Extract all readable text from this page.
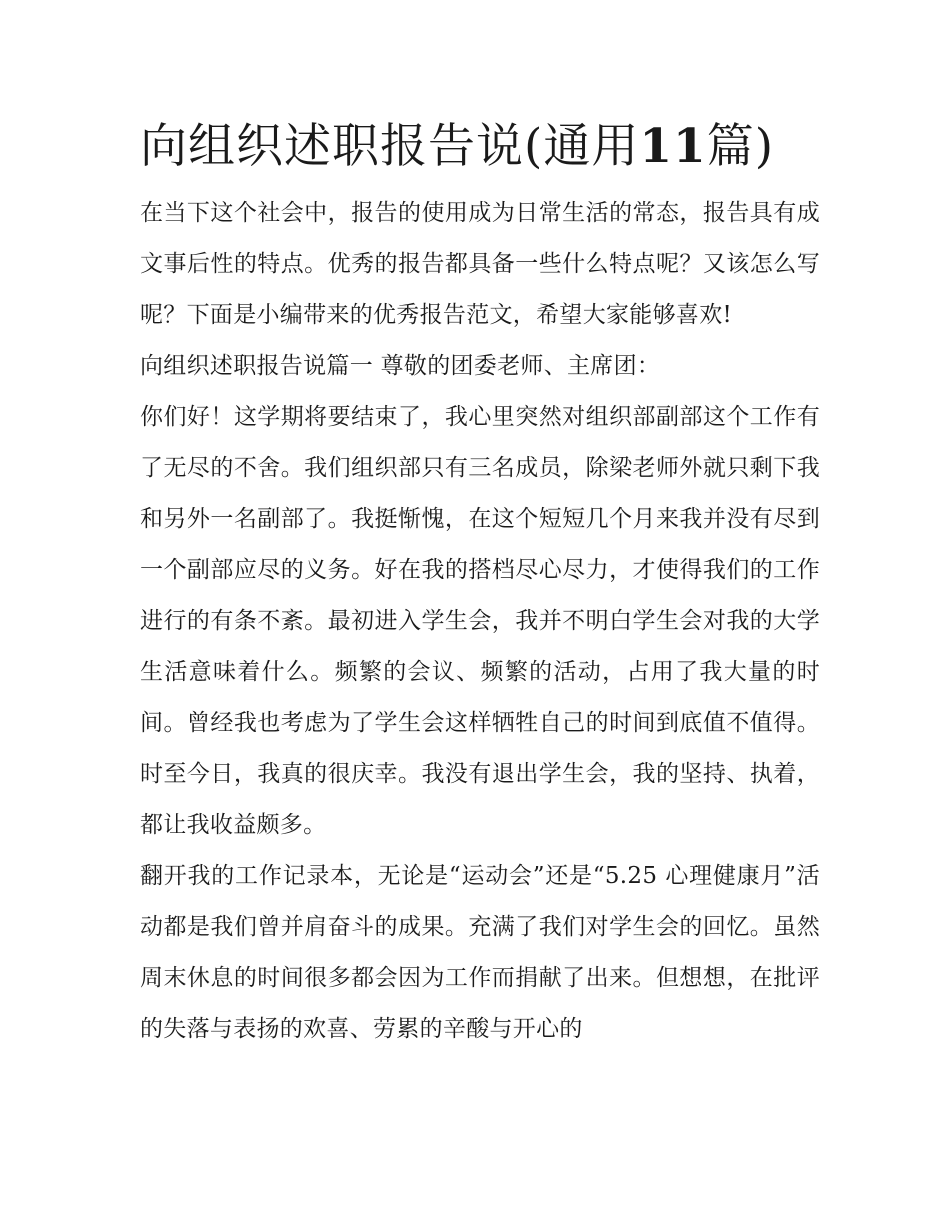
向组织述职报告说(通用11篇)

在当下这个社会中，报告的使用成为日常生活的常态，报告具有成文事后性的特点。优秀的报告都具备一些什么特点呢？又该怎么写呢？下面是小编带来的优秀报告范文，希望大家能够喜欢!

向组织述职报告说篇一 尊敬的团委老师、主席团：

你们好！这学期将要结束了，我心里突然对组织部副部这个工作有了无尽的不舍。我们组织部只有三名成员，除梁老师外就只剩下我和另外一名副部了。我挺惭愧，在这个短短几个月来我并没有尽到一个副部应尽的义务。好在我的搭档尽心尽力，才使得我们的工作进行的有条不紊。最初进入学生会，我并不明白学生会对我的大学生活意味着什么。频繁的会议、频繁的活动，占用了我大量的时间。曾经我也考虑为了学生会这样牺牲自己的时间到底值不值得。时至今日，我真的很庆幸。我没有退出学生会，我的坚持、执着，都让我收益颇多。

翻开我的工作记录本，无论是“运动会”还是“5.25 心理健康月”活动都是我们曾并肩奋斗的成果。充满了我们对学生会的回忆。虽然周末休息的时间很多都会因为工作而捐献了出来。但想想，在批评的失落与表扬的欢喜、劳累的辛酸与开心的
